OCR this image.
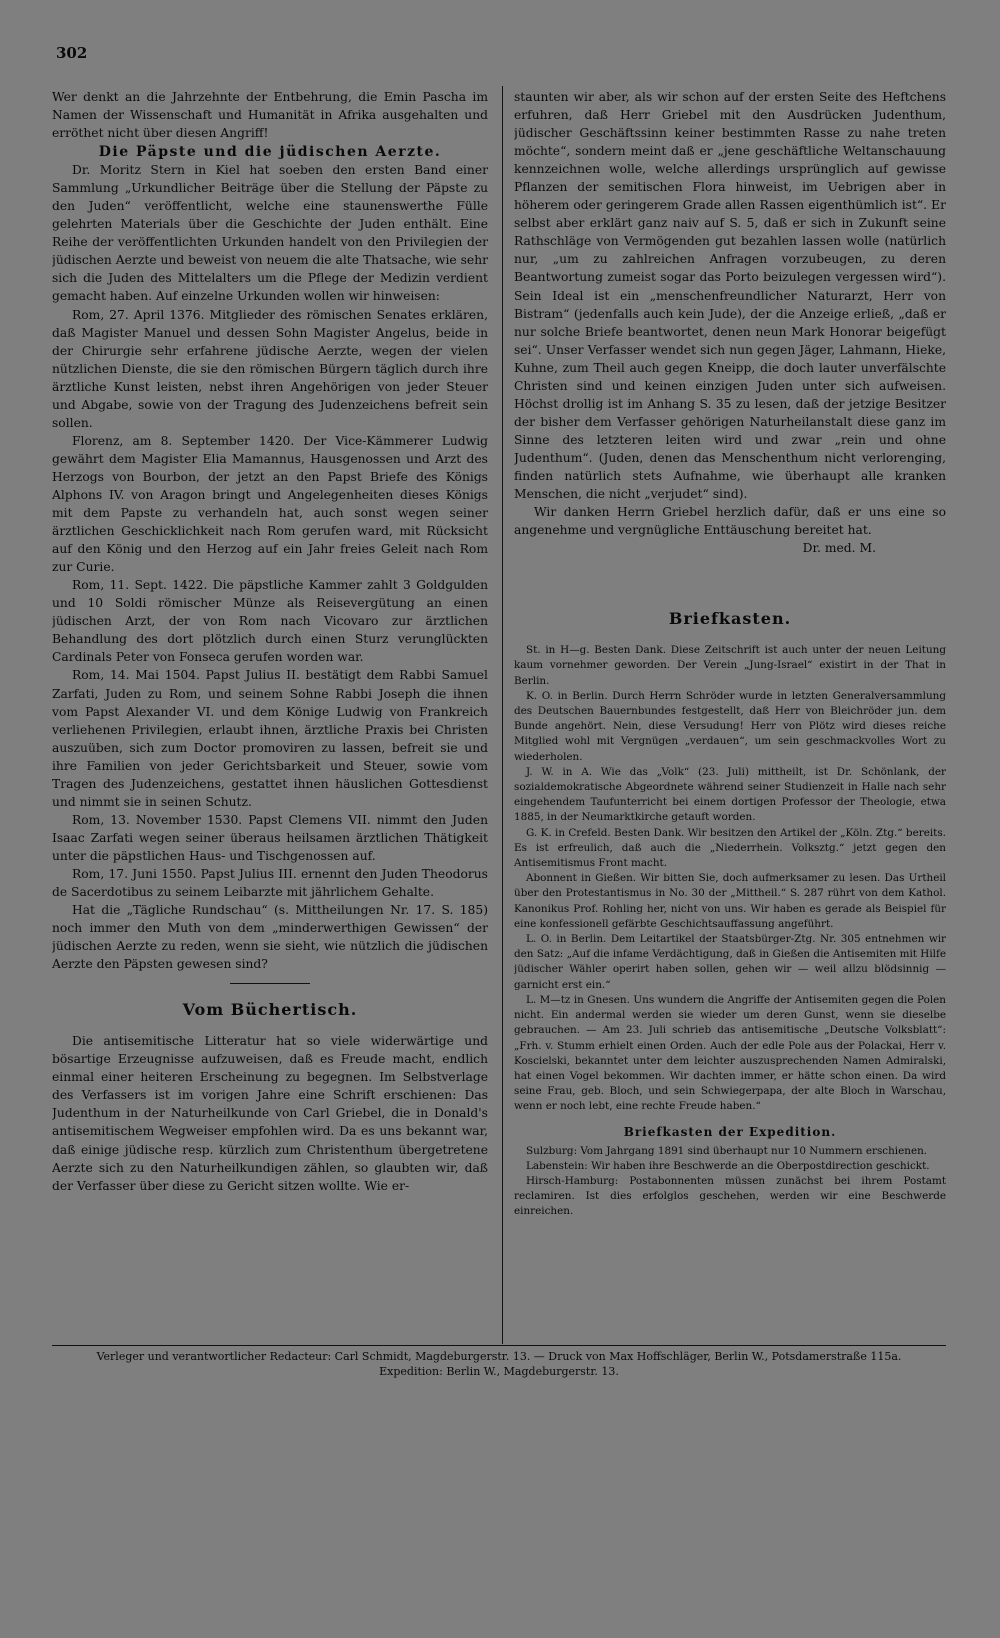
302

Wer denkt an die Jahrzehnte der Entbehrung, die Emin Pascha im Namen der Wissenschaft und Humanität in Afrika ausgehalten und erröthet nicht über diesen Angriff!

Die Päpste und die jüdischen Aerzte.

Dr. Moritz Stern in Kiel hat soeben den ersten Band einer Sammlung „Urkundlicher Beiträge über die Stellung der Päpste zu den Juden“ veröffentlicht, welche eine staunenswerthe Fülle gelehrten Materials über die Geschichte der Juden enthält. Eine Reihe der veröffentlichten Urkunden handelt von den Privilegien der jüdischen Aerzte und beweist von neuem die alte Thatsache, wie sehr sich die Juden des Mittelalters um die Pflege der Medizin verdient gemacht haben. Auf einzelne Urkunden wollen wir hinweisen:

Rom, 27. April 1376. Mitglieder des römischen Senates erklären, daß Magister Manuel und dessen Sohn Magister Angelus, beide in der Chirurgie sehr erfahrene jüdische Aerzte, wegen der vielen nützlichen Dienste, die sie den römischen Bürgern täglich durch ihre ärztliche Kunst leisten, nebst ihren Angehörigen von jeder Steuer und Abgabe, sowie von der Tragung des Judenzeichens befreit sein sollen.

Florenz, am 8. September 1420. Der Vice-Kämmerer Ludwig gewährt dem Magister Elia Mamannus, Hausgenossen und Arzt des Herzogs von Bourbon, der jetzt an den Papst Briefe des Königs Alphons IV. von Aragon bringt und Angelegenheiten dieses Königs mit dem Papste zu verhandeln hat, auch sonst wegen seiner ärztlichen Geschicklichkeit nach Rom gerufen ward, mit Rücksicht auf den König und den Herzog auf ein Jahr freies Geleit nach Rom zur Curie.

Rom, 11. Sept. 1422. Die päpstliche Kammer zahlt 3 Goldgulden und 10 Soldi römischer Münze als Reisevergütung an einen jüdischen Arzt, der von Rom nach Vicovaro zur ärztlichen Behandlung des dort plötzlich durch einen Sturz verunglückten Cardinals Peter von Fonseca gerufen worden war.

Rom, 14. Mai 1504. Papst Julius II. bestätigt dem Rabbi Samuel Zarfati, Juden zu Rom, und seinem Sohne Rabbi Joseph die ihnen vom Papst Alexander VI. und dem Könige Ludwig von Frankreich verliehenen Privilegien, erlaubt ihnen, ärztliche Praxis bei Christen auszuüben, sich zum Doctor promoviren zu lassen, befreit sie und ihre Familien von jeder Gerichtsbarkeit und Steuer, sowie vom Tragen des Judenzeichens, gestattet ihnen häuslichen Gottesdienst und nimmt sie in seinen Schutz.

Rom, 13. November 1530. Papst Clemens VII. nimmt den Juden Isaac Zarfati wegen seiner überaus heilsamen ärztlichen Thätigkeit unter die päpstlichen Haus- und Tischgenossen auf.

Rom, 17. Juni 1550. Papst Julius III. ernennt den Juden Theodorus de Sacerdotibus zu seinem Leibarzte mit jährlichem Gehalte.

Hat die „Tägliche Rundschau“ (s. Mittheilungen Nr. 17. S. 185) noch immer den Muth von dem „minderwerthigen Gewissen“ der jüdischen Aerzte zu reden, wenn sie sieht, wie nützlich die jüdischen Aerzte den Päpsten gewesen sind?

Vom Büchertisch.

Die antisemitische Litteratur hat so viele widerwärtige und bösartige Erzeugnisse aufzuweisen, daß es Freude macht, endlich einmal einer heiteren Erscheinung zu begegnen. Im Selbstverlage des Verfassers ist im vorigen Jahre eine Schrift erschienen: Das Judenthum in der Naturheilkunde von Carl Griebel, die in Donald's antisemitischem Wegweiser empfohlen wird. Da es uns bekannt war, daß einige jüdische resp. kürzlich zum Christenthum übergetretene Aerzte sich zu den Naturheilkundigen zählen, so glaubten wir, daß der Verfasser über diese zu Gericht sitzen wollte. Wie er-

staunten wir aber, als wir schon auf der ersten Seite des Heftchens erfuhren, daß Herr Griebel mit den Ausdrücken Judenthum, jüdischer Geschäftssinn keiner bestimmten Rasse zu nahe treten möchte“, sondern meint daß er „jene geschäftliche Weltanschauung kennzeichnen wolle, welche allerdings ursprünglich auf gewisse Pflanzen der semitischen Flora hinweist, im Uebrigen aber in höherem oder geringerem Grade allen Rassen eigenthümlich ist“. Er selbst aber erklärt ganz naiv auf S. 5, daß er sich in Zukunft seine Rathschläge von Vermögenden gut bezahlen lassen wolle (natürlich nur, „um zu zahlreichen Anfragen vorzubeugen, zu deren Beantwortung zumeist sogar das Porto beizulegen vergessen wird“). Sein Ideal ist ein „menschenfreundlicher Naturarzt, Herr von Bistram“ (jedenfalls auch kein Jude), der die Anzeige erließ, „daß er nur solche Briefe beantwortet, denen neun Mark Honorar beigefügt sei“. Unser Verfasser wendet sich nun gegen Jäger, Lahmann, Hieke, Kuhne, zum Theil auch gegen Kneipp, die doch lauter unverfälschte Christen sind und keinen einzigen Juden unter sich aufweisen. Höchst drollig ist im Anhang S. 35 zu lesen, daß der jetzige Besitzer der bisher dem Verfasser gehörigen Naturheilanstalt diese ganz im Sinne des letzteren leiten wird und zwar „rein und ohne Judenthum“. (Juden, denen das Menschenthum nicht verlorenging, finden natürlich stets Aufnahme, wie überhaupt alle kranken Menschen, die nicht „verjudet“ sind).

Wir danken Herrn Griebel herzlich dafür, daß er uns eine so angenehme und vergnügliche Enttäuschung bereitet hat.

Dr. med. M.

Briefkasten.

St. in H—g. Besten Dank. Diese Zeitschrift ist auch unter der neuen Leitung kaum vornehmer geworden. Der Verein „Jung-Israel“ existirt in der That in Berlin.

K. O. in Berlin. Durch Herrn Schröder wurde in letzten Generalversammlung des Deutschen Bauernbundes festgestellt, daß Herr von Bleichröder jun. dem Bunde angehört. Nein, diese Versudung! Herr von Plötz wird dieses reiche Mitglied wohl mit Vergnügen „verdauen“, um sein geschmackvolles Wort zu wiederholen.

J. W. in A. Wie das „Volk“ (23. Juli) mittheilt, ist Dr. Schönlank, der sozialdemokratische Abgeordnete während seiner Studienzeit in Halle nach sehr eingehendem Taufunterricht bei einem dortigen Professor der Theologie, etwa 1885, in der Neumarktkirche getauft worden.

G. K. in Crefeld. Besten Dank. Wir besitzen den Artikel der „Köln. Ztg.“ bereits. Es ist erfreulich, daß auch die „Niederrhein. Volksztg.“ jetzt gegen den Antisemitismus Front macht.

Abonnent in Gießen. Wir bitten Sie, doch aufmerksamer zu lesen. Das Urtheil über den Protestantismus in No. 30 der „Mittheil.“ S. 287 rührt von dem Kathol. Kanonikus Prof. Rohling her, nicht von uns. Wir haben es gerade als Beispiel für eine konfessionell gefärbte Geschichtsauffassung angeführt.

L. O. in Berlin. Dem Leitartikel der Staatsbürger-Ztg. Nr. 305 entnehmen wir den Satz: „Auf die infame Verdächtigung, daß in Gießen die Antisemiten mit Hilfe jüdischer Wähler operirt haben sollen, gehen wir — weil allzu blödsinnig — garnicht erst ein.“

L. M—tz in Gnesen. Uns wundern die Angriffe der Antisemiten gegen die Polen nicht. Ein andermal werden sie wieder um deren Gunst, wenn sie dieselbe gebrauchen. — Am 23. Juli schrieb das antisemitische „Deutsche Volksblatt“: „Frh. v. Stumm erhielt einen Orden. Auch der edle Pole aus der Polackai, Herr v. Koscielski, bekanntet unter dem leichter auszusprechenden Namen Admiralski, hat einen Vogel bekommen. Wir dachten immer, er hätte schon einen. Da wird seine Frau, geb. Bloch, und sein Schwiegerpapa, der alte Bloch in Warschau, wenn er noch lebt, eine rechte Freude haben.“

Briefkasten der Expedition.

Sulzburg: Vom Jahrgang 1891 sind überhaupt nur 10 Nummern erschienen.

Labenstein: Wir haben ihre Beschwerde an die Oberpostdirection geschickt.

Hirsch-Hamburg: Postabonnenten müssen zunächst bei ihrem Postamt reclamiren. Ist dies erfolglos geschehen, werden wir eine Beschwerde einreichen.

Verleger und verantwortlicher Redacteur: Carl Schmidt, Magdeburgerstr. 13. — Druck von Max Hoffschläger, Berlin W., Potsdamerstraße 115a.
Expedition: Berlin W., Magdeburgerstr. 13.
